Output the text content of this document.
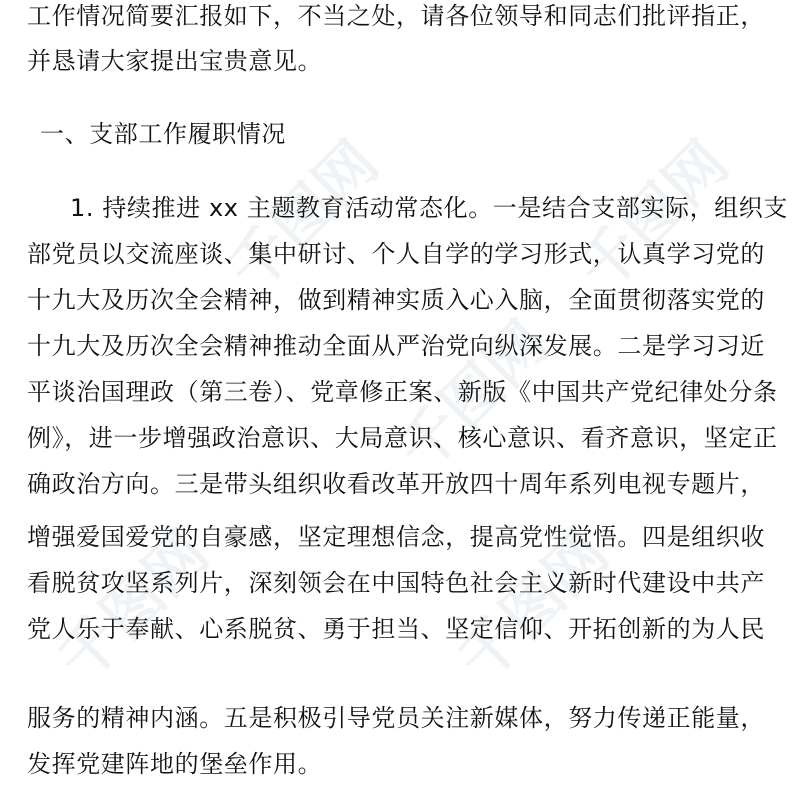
千图网	千图网
千图网
千图网	千图网
工作情况简要汇报如下，不当之处，请各位领导和同志们批评指正，
并恳请大家提出宝贵意见。
一、支部工作履职情况
1. 持续推进 xx 主题教育活动常态化。一是结合支部实际，组织支
部党员以交流座谈、集中研讨、个人自学的学习形式，认真学习党的
十九大及历次全会精神，做到精神实质入心入脑，全面贯彻落实党的
十九大及历次全会精神推动全面从严治党向纵深发展。二是学习习近
平谈治国理政（第三卷）、党章修正案、新版《中国共产党纪律处分条
例》，进一步增强政治意识、大局意识、核心意识、看齐意识，坚定正
确政治方向。三是带头组织收看改革开放四十周年系列电视专题片，
增强爱国爱党的自豪感，坚定理想信念，提高党性觉悟。四是组织收
看脱贫攻坚系列片，深刻领会在中国特色社会主义新时代建设中共产
党人乐于奉献、心系脱贫、勇于担当、坚定信仰、开拓创新的为人民
服务的精神内涵。五是积极引导党员关注新媒体，努力传递正能量，
发挥党建阵地的堡垒作用。
